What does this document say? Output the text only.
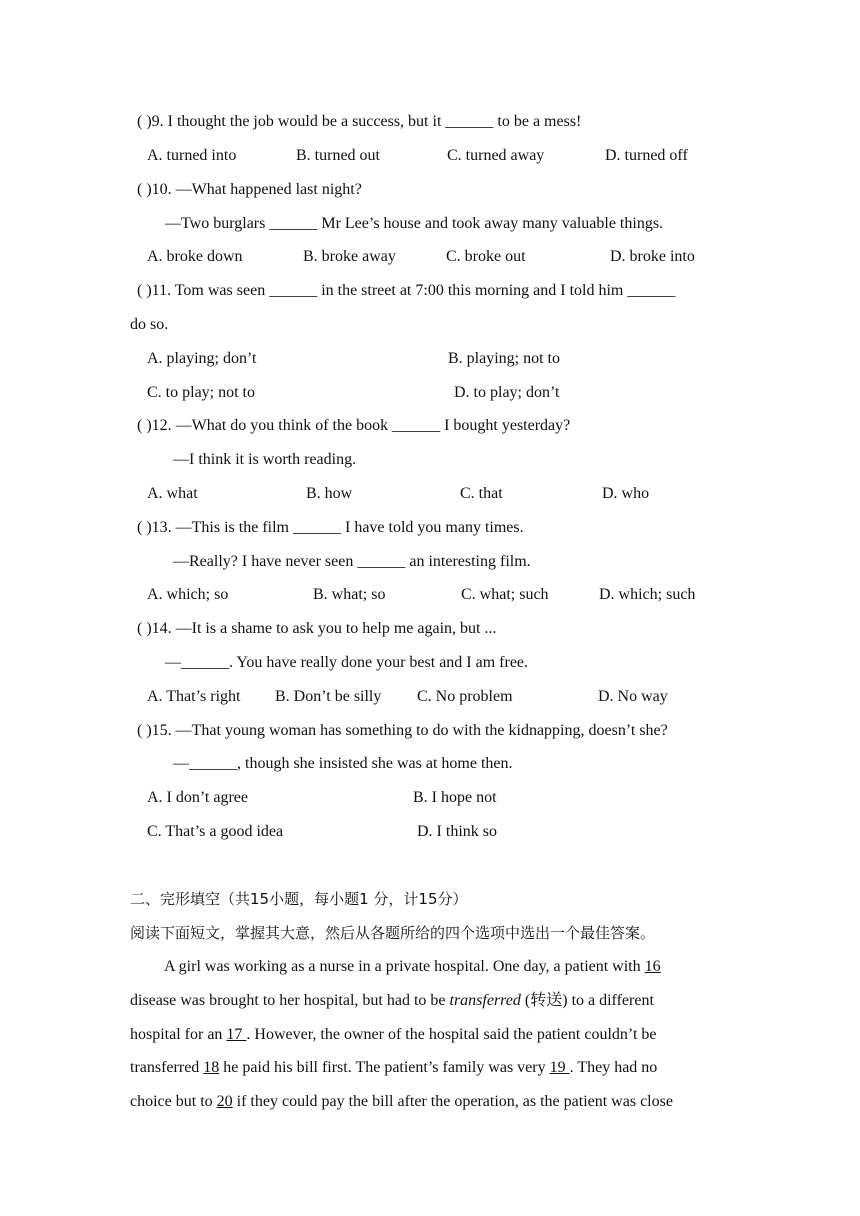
( )9. I thought the job would be a success, but it ______ to be a mess!
A. turned into	B. turned out	C. turned away	D. turned off
( )10. —What happened last night?
—Two burglars ______ Mr Lee’s house and took away many valuable things.
A. broke down	B. broke away	C. broke out	D. broke into
( )11. Tom was seen ______ in the street at 7:00 this morning and I told him ______
do so.
A. playing; don’t	B. playing; not to
C. to play; not to	D. to play; don’t
( )12. —What do you think of the book ______ I bought yesterday?
—I think it is worth reading.
A. what	B. how	C. that	D. who
( )13. —This is the film ______ I have told you many times.
—Really? I have never seen ______ an interesting film.
A. which; so	B. what; so	C. what; such	D. which; such
( )14. —It is a shame to ask you to help me again, but ...
—______. You have really done your best and I am free.
A. That’s right B. Don’t be silly C. No problem	D. No way
( )15. —That young woman has something to do with the kidnapping, doesn’t she?
—______, though she insisted she was at home then.
A. I don’t agree	B. I hope not
C. That’s a good idea	D. I think so
二、完形填空（共15小题，每小题1 分，计15分）
阅读下面短文，掌握其大意，然后从各题所给的四个选项中选出一个最佳答案。
A girl was working as a nurse in a private hospital. One day, a patient with 16
disease was brought to her hospital, but had to be transferred (转送) to a different
hospital for an 17 . However, the owner of the hospital said the patient couldn’t be
transferred 18 he paid his bill first. The patient’s family was very 19 . They had no
choice but to 20 if they could pay the bill after the operation, as the patient was close
